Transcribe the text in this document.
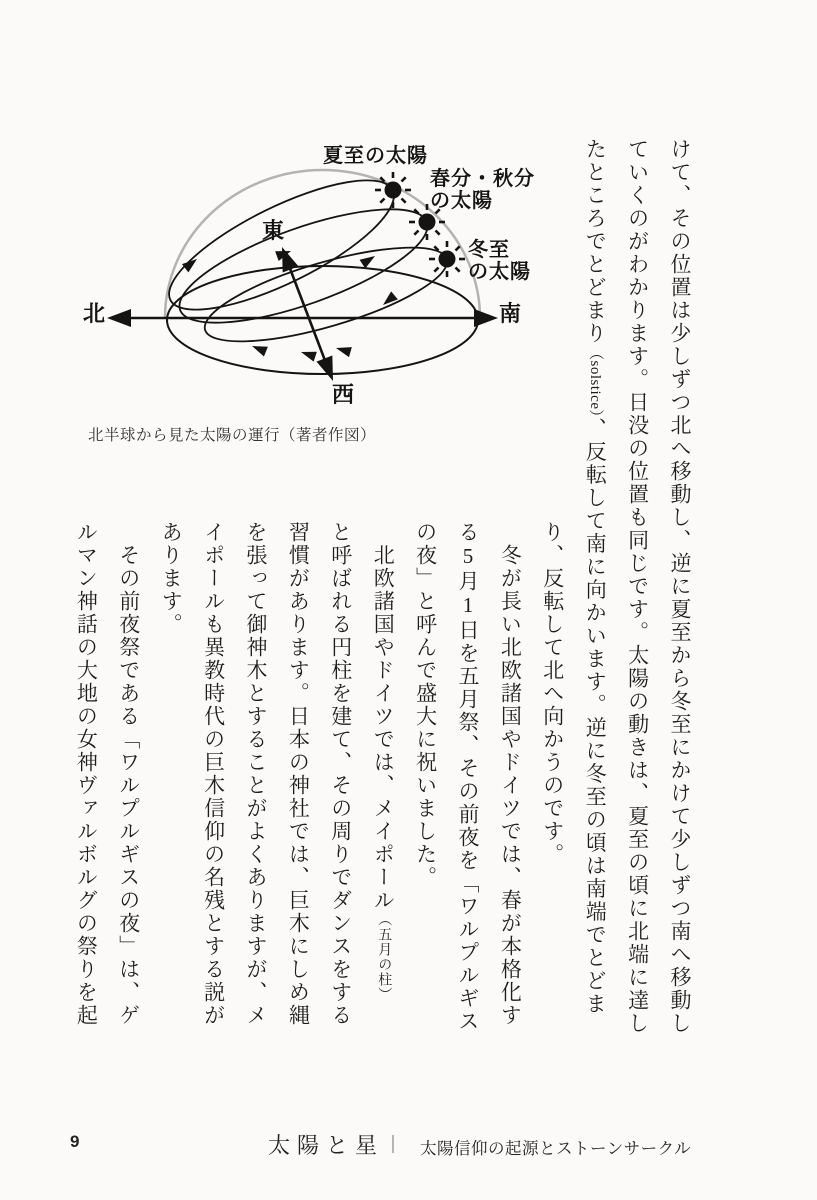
夏至の太陽
春分・秋分
の太陽
冬至
の太陽
東
西
北	南
北半球から見た太陽の運行（著者作図）	けて、その位置は少しずつ北へ移動し、逆に夏至から冬至にかけて少しずつ南へ移動し
ていくのがわかります。日没の位置も同じです。太陽の動きは、夏至の頃に北端に達し
たところでとどまり（solstice）、反転して南に向かいます。逆に冬至の頃は南端でとどま
り、反転して北へ向かうのです。
冬が長い北欧諸国やドイツでは、春が本格化す
る5月1日を五月祭、その前夜を「ワルプルギス
の夜」と呼んで盛大に祝いました。
北欧諸国やドイツでは、メイポール（五月の柱）
と呼ばれる円柱を建て、その周りでダンスをする
習慣があります。日本の神社では、巨木にしめ縄
を張って御神木とすることがよくありますが、メ
イポールも異教時代の巨木信仰の名残とする説が
あります。
その前夜祭である「ワルプルギスの夜」は、ゲ
ルマン神話の大地の女神ヴァルボルグの祭りを起
9	太陽と星 ｜ 太陽信仰の起源とストーンサークル
